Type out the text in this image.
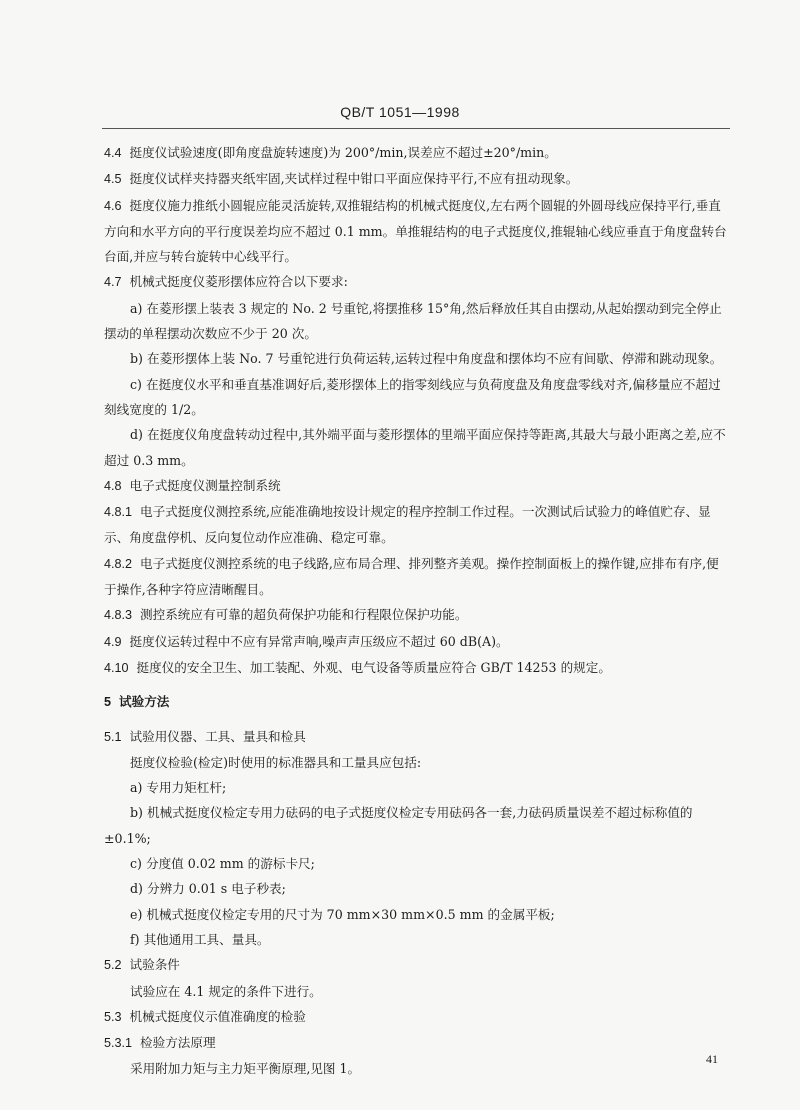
QB/T 1051—1998

4.4 挺度仪试验速度(即角度盘旋转速度)为 200°/min,误差应不超过±20°/min。

4.5 挺度仪试样夹持器夹纸牢固,夹试样过程中钳口平面应保持平行,不应有扭动现象。

4.6 挺度仪施力推纸小圆辊应能灵活旋转,双推辊结构的机械式挺度仪,左右两个圆辊的外圆母线应保持平行,垂直方向和水平方向的平行度误差均应不超过 0.1 mm。单推辊结构的电子式挺度仪,推辊轴心线应垂直于角度盘转台台面,并应与转台旋转中心线平行。

4.7 机械式挺度仪菱形摆体应符合以下要求:

a) 在菱形摆上装表 3 规定的 No. 2 号重铊,将摆推移 15°角,然后释放任其自由摆动,从起始摆动到完全停止摆动的单程摆动次数应不少于 20 次。

b) 在菱形摆体上装 No. 7 号重铊进行负荷运转,运转过程中角度盘和摆体均不应有间歇、停滞和跳动现象。

c) 在挺度仪水平和垂直基准调好后,菱形摆体上的指零刻线应与负荷度盘及角度盘零线对齐,偏移量应不超过刻线宽度的 1/2。

d) 在挺度仪角度盘转动过程中,其外端平面与菱形摆体的里端平面应保持等距离,其最大与最小距离之差,应不超过 0.3 mm。

4.8 电子式挺度仪测量控制系统

4.8.1 电子式挺度仪测控系统,应能准确地按设计规定的程序控制工作过程。一次测试后试验力的峰值贮存、显示、角度盘停机、反向复位动作应准确、稳定可靠。

4.8.2 电子式挺度仪测控系统的电子线路,应布局合理、排列整齐美观。操作控制面板上的操作键,应排布有序,便于操作,各种字符应清晰醒目。

4.8.3 测控系统应有可靠的超负荷保护功能和行程限位保护功能。

4.9 挺度仪运转过程中不应有异常声响,噪声声压级应不超过 60 dB(A)。

4.10 挺度仪的安全卫生、加工装配、外观、电气设备等质量应符合 GB/T 14253 的规定。

5 试验方法

5.1 试验用仪器、工具、量具和检具

挺度仪检验(检定)时使用的标准器具和工量具应包括:

a) 专用力矩杠杆;

b) 机械式挺度仪检定专用力砝码的电子式挺度仪检定专用砝码各一套,力砝码质量误差不超过标称值的±0.1%;

c) 分度值 0.02 mm 的游标卡尺;

d) 分辨力 0.01 s 电子秒表;

e) 机械式挺度仪检定专用的尺寸为 70 mm×30 mm×0.5 mm 的金属平板;

f) 其他通用工具、量具。

5.2 试验条件

试验应在 4.1 规定的条件下进行。

5.3 机械式挺度仪示值准确度的检验

5.3.1 检验方法原理

采用附加力矩与主力矩平衡原理,见图 1。

41
